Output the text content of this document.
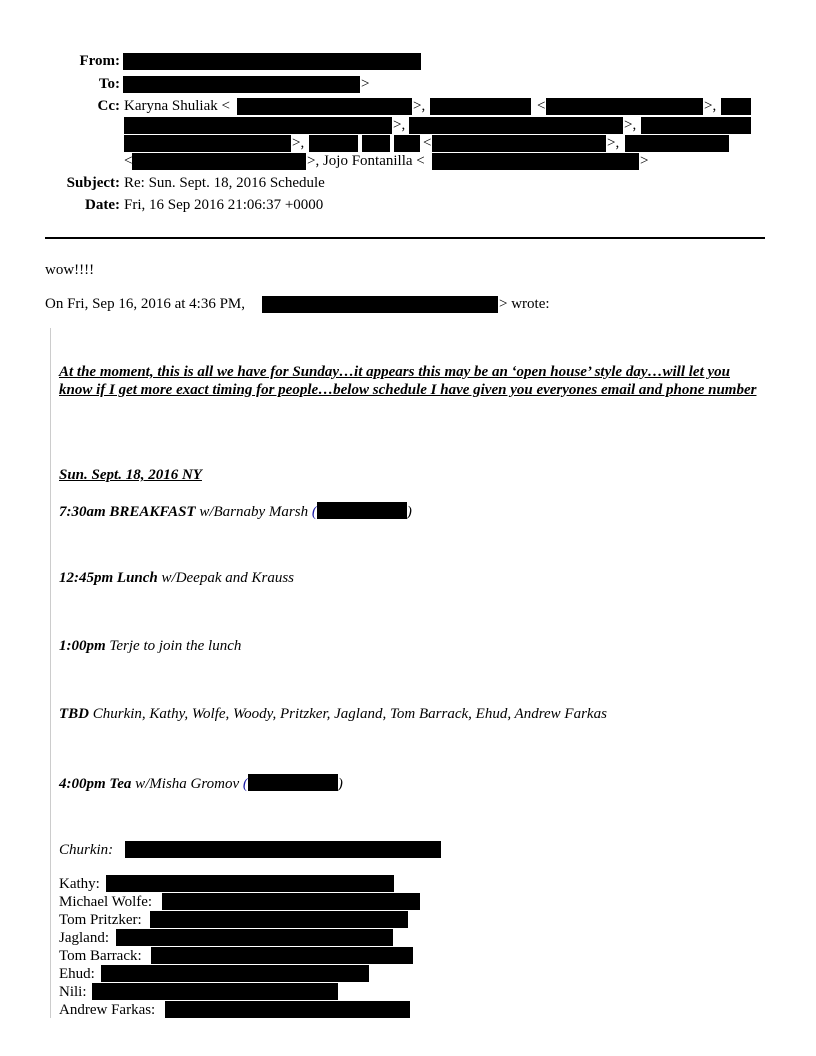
From:
To:	>
Cc: Karyna Shuliak <	>,	<	>,
>,	>,
>,	<	>,
<	>, Jojo Fontanilla <	>
Subject: Re: Sun. Sept. 18, 2016 Schedule
Date: Fri, 16 Sep 2016 21:06:37 +0000
wow!!!!
On Fri, Sep 16, 2016 at 4:36 PM,	> wrote:
At the moment, this is all we have for Sunday…it appears this may be an ‘open house’ style day…will let you know if I get more exact timing for people…below schedule I have given you everyones email and phone number
Sun. Sept. 18, 2016 NY
7:30am BREAKFAST w/Barnaby Marsh (	)
12:45pm Lunch w/Deepak and Krauss
1:00pm Terje to join the lunch
TBD Churkin, Kathy, Wolfe, Woody, Pritzker, Jagland, Tom Barrack, Ehud, Andrew Farkas
4:00pm Tea w/Misha Gromov (	)
Churkin:
Kathy:
Michael Wolfe:
Tom Pritzker:
Jagland:
Tom Barrack:
Ehud:
Nili:
Andrew Farkas:
